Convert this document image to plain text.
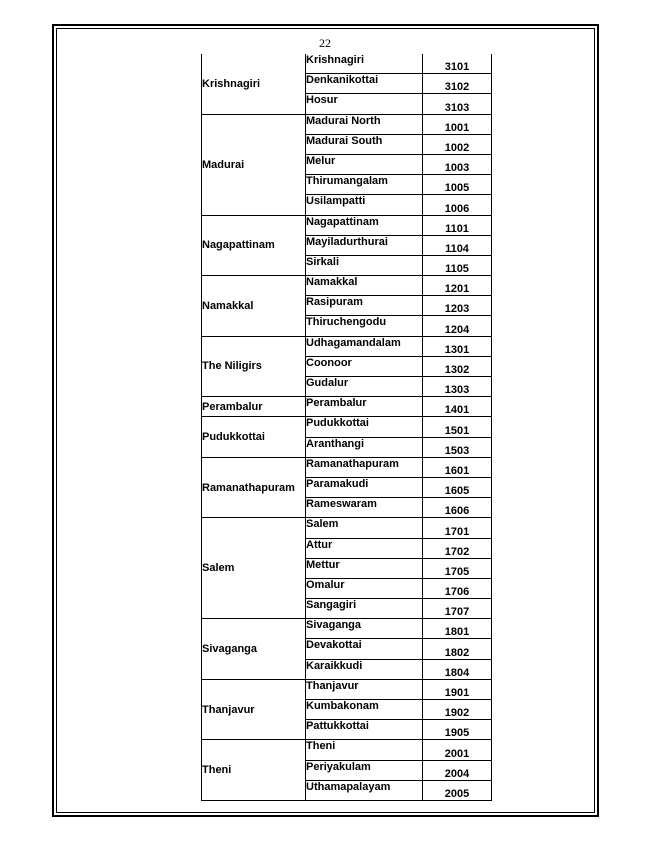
22
Krishnagiri	Krishnagiri	3101
	Denkanikottai	3102
	Hosur	3103
Madurai	Madurai North	1001
	Madurai South	1002
	Melur	1003
	Thirumangalam	1005
	Usilampatti	1006
Nagapattinam	Nagapattinam	1101
	Mayiladurthurai	1104
	Sirkali	1105
Namakkal	Namakkal	1201
	Rasipuram	1203
	Thiruchengodu	1204
The Niligirs	Udhagamandalam	1301
	Coonoor	1302
	Gudalur	1303
Perambalur	Perambalur	1401
Pudukkottai	Pudukkottai	1501
	Aranthangi	1503
Ramanathapuram	Ramanathapuram	1601
	Paramakudi	1605
	Rameswaram	1606
Salem	Salem	1701
	Attur	1702
	Mettur	1705
	Omalur	1706
	Sangagiri	1707
Sivaganga	Sivaganga	1801
	Devakottai	1802
	Karaikkudi	1804
Thanjavur	Thanjavur	1901
	Kumbakonam	1902
	Pattukkottai	1905
Theni	Theni	2001
	Periyakulam	2004
	Uthamapalayam	2005
